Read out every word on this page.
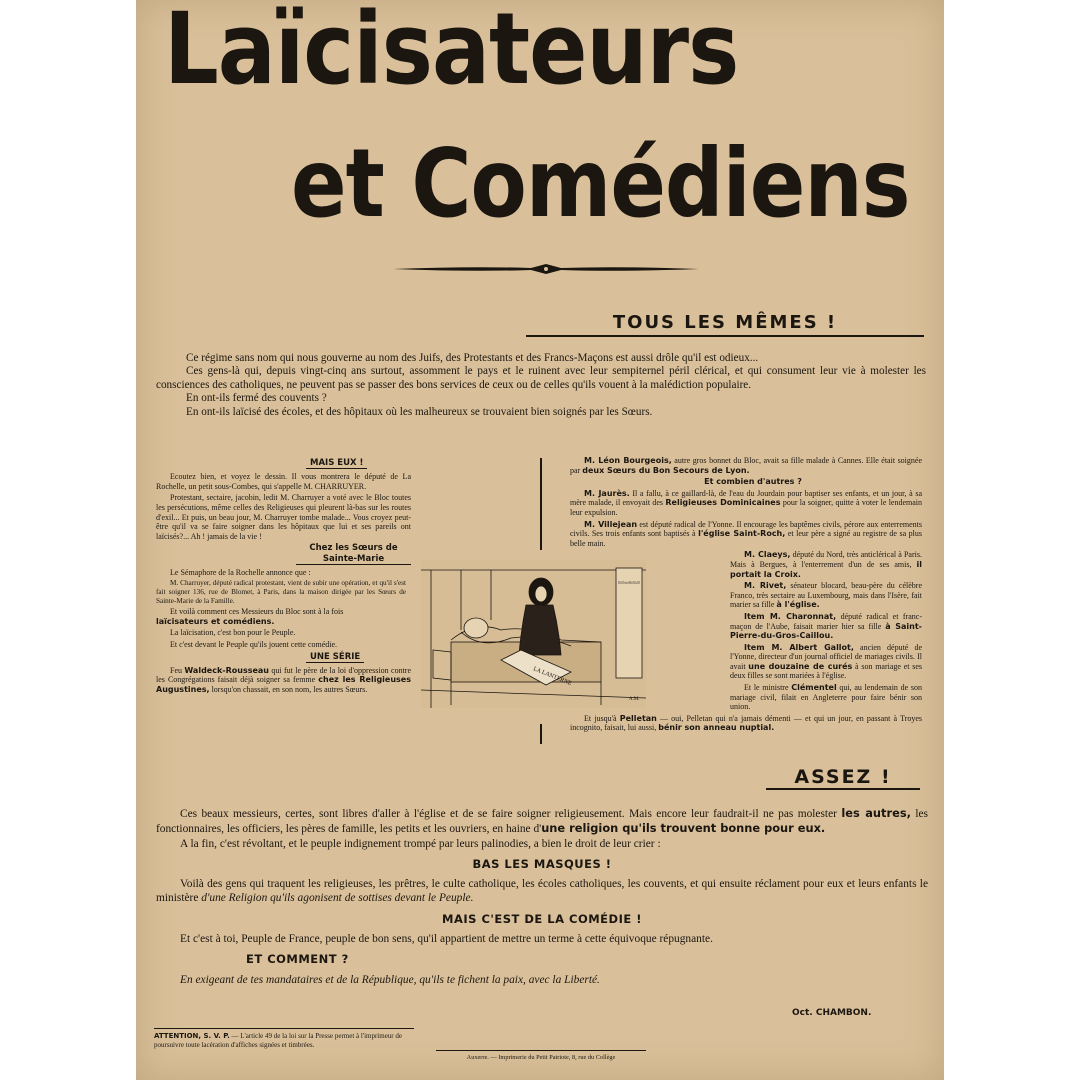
Laïcisateurs
et Comédiens
TOUS LES MÊMES !

Ce régime sans nom qui nous gouverne au nom des Juifs, des Protestants et des Francs-Maçons est aussi drôle qu'il est odieux...

Ces gens-là qui, depuis vingt-cinq ans surtout, assomment le pays et le ruinent avec leur sempiternel péril clérical, et qui consument leur vie à molester les consciences des catholiques, ne peuvent pas se passer des bons services de ceux ou de celles qu'ils vouent à la malédiction populaire.

En ont-ils fermé des couvents ?

En ont-ils laïcisé des écoles, et des hôpitaux où les malheureux se trouvaient bien soignés par les Sœurs.

MAIS EUX !

Ecoutez bien, et voyez le dessin. Il vous montrera le député de La Rochelle, un petit sous-Combes, qui s'appelle M. CHARRUYER.

Protestant, sectaire, jacobin, ledit M. Charruyer a voté avec le Bloc toutes les persécutions, même celles des Religieuses qui pleurent là-bas sur les routes d'exil... Et puis, un beau jour, M. Charruyer tombe malade... Vous croyez peut-être qu'il va se faire soigner dans les hôpitaux que lui et ses pareils ont laïcisés?... Ah ! jamais de la vie !

Chez les Sœurs de Sainte-Marie

Le Sémaphore de la Rochelle annonce que :

M. Charruyer, député radical protestant, vient de subir une opération, et qu'il s'est fait soigner 136, rue de Blomet, à Paris, dans la maison dirigée par les Sœurs de Sainte-Marie de la Famille.

Et voilà comment ces Messieurs du Bloc sont à la fois
laïcisateurs et comédiens.

La laïcisation, c'est bon pour le Peuple.

Et c'est devant le Peuple qu'ils jouent cette comédie.

UNE SÉRIE

Feu Waldeck-Rousseau qui fut le père de la loi d'oppression contre les Congrégations faisait déjà soigner sa femme chez les Religieuses Augustines, lorsqu'on chassait, en son nom, les autres Sœurs.

MAISON de SANTÉ des Sœurs de SteMARIE de la FAMILLE rue BLOMET
LA LANTERNE
A.M.

M. Léon Bourgeois, autre gros bonnet du Bloc, avait sa fille malade à Cannes. Elle était soignée par deux Sœurs du Bon Secours de Lyon.

Et combien d'autres ?

M. Jaurès. Il a fallu, à ce gaillard-là, de l'eau du Jourdain pour baptiser ses enfants, et un jour, à sa mère malade, il envoyait des Religieuses Dominicaines pour la soigner, quitte à voter le lendemain leur expulsion.

M. Villejean est député radical de l'Yonne. Il encourage les baptêmes civils, pérore aux enterrements civils. Ses trois enfants sont baptisés à l'église Saint-Roch, et leur père a signé au registre de sa plus belle main.

M. Claeys, député du Nord, très anticlérical à Paris. Mais à Bergues, à l'enterrement d'un de ses amis, il portait la Croix.

M. Rivet, sénateur blocard, beau-père du célèbre Franco, très sectaire au Luxembourg, mais dans l'Isère, fait marier sa fille à l'église.

Item M. Charonnat, député radical et franc-maçon de l'Aube, faisait marier hier sa fille à Saint-Pierre-du-Gros-Caillou.

Item M. Albert Gallot, ancien député de l'Yonne, directeur d'un journal officiel de mariages civils. Il avait une douzaine de curés à son mariage et ses deux filles se sont mariées à l'église.

Et le ministre Clémentel qui, au lendemain de son mariage civil, filait en Angleterre pour faire bénir son union.

Et jusqu'à Pelletan — oui, Pelletan qui n'a jamais démenti — et qui un jour, en passant à Troyes incognito, faisait, lui aussi, bénir son anneau nuptial.

ASSEZ !

Ces beaux messieurs, certes, sont libres d'aller à l'église et de se faire soigner religieusement. Mais encore leur faudrait-il ne pas molester les autres, les fonctionnaires, les officiers, les pères de famille, les petits et les ouvriers, en haine d'une religion qu'ils trouvent bonne pour eux.

A la fin, c'est révoltant, et le peuple indignement trompé par leurs palinodies, a bien le droit de leur crier :

BAS LES MASQUES !

Voilà des gens qui traquent les religieuses, les prêtres, le culte catholique, les écoles catholiques, les couvents, et qui ensuite réclament pour eux et leurs enfants le ministère d'une Religion qu'ils agonisent de sottises devant le Peuple.

MAIS C'EST DE LA COMÉDIE !

Et c'est à toi, Peuple de France, peuple de bon sens, qu'il appartient de mettre un terme à cette équivoque répugnante.

ET COMMENT ?

En exigeant de tes mandataires et de la République, qu'ils te fichent la paix, avec la Liberté.

Oct. CHAMBON.
ATTENTION, S. V. P. — L'article 49 de la loi sur la Presse permet à l'imprimeur de poursuivre toute lacération d'affiches signées et timbrées.
Auxerre. — Imprimerie du Petit Patriote, 8, rue du Collège
